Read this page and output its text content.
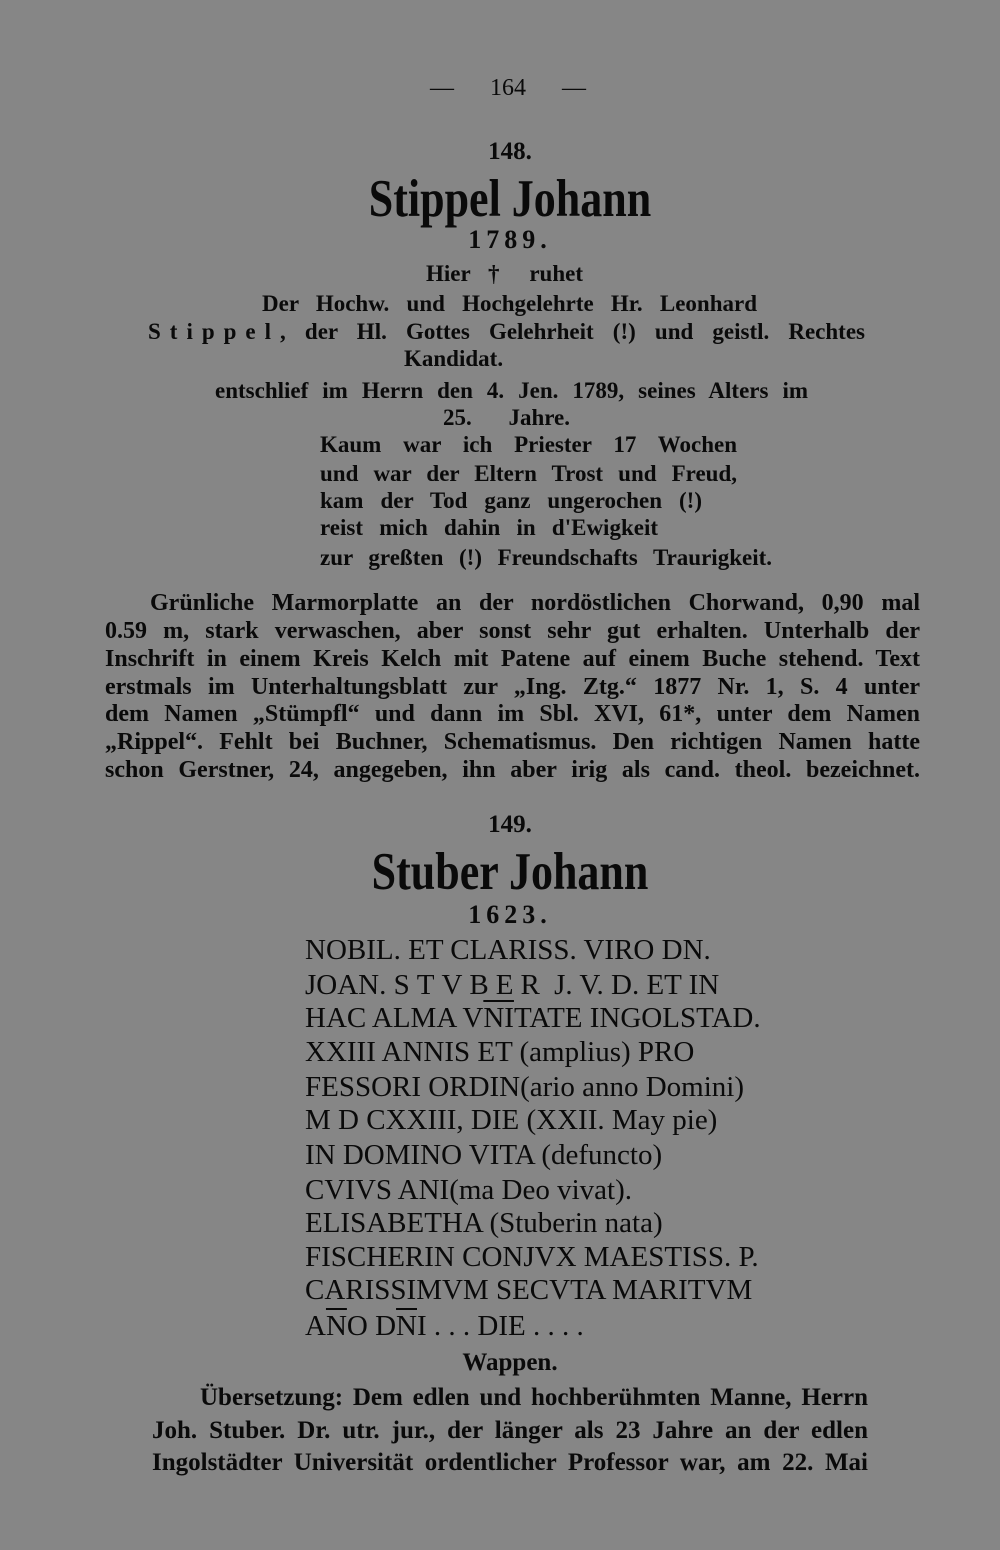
— 164 —
148.
Stippel Johann
1789.
Hier † ruhet
Der Hochw. und Hochgelehrte Hr. Leonhard
Stippel, der Hl. Gottes Gelehrheit (!) und geistl. Rechtes
Kandidat.
entschlief im Herrn den 4. Jen. 1789, seines Alters im
25. Jahre.
Kaum war ich Priester 17 Wochen
und war der Eltern Trost und Freud,
kam der Tod ganz ungerochen (!)
reist mich dahin in d'Ewigkeit
zur greßten (!) Freundschafts Traurigkeit.
Grünliche Marmorplatte an der nordöstlichen Chorwand, 0,90 mal
0.59 m, stark verwaschen, aber sonst sehr gut erhalten. Unterhalb der
Inschrift in einem Kreis Kelch mit Patene auf einem Buche stehend. Text
erstmals im Unterhaltungsblatt zur „Ing. Ztg.“ 1877 Nr. 1, S. 4 unter
dem Namen „Stümpfl“ und dann im Sbl. XVI, 61*, unter dem Namen
„Rippel“. Fehlt bei Buchner, Schematismus. Den richtigen Namen hatte
schon Gerstner, 24, angegeben, ihn aber irig als cand. theol. bezeichnet.
149.
Stuber Johann
1623.
NOBIL. ET CLARISS. VIRO DN.
JOAN. STVBER J. V. D. ET IN
HAC ALMA $V\overline{NI}TATE$ INGOLSTAD.
XXIII ANNIS ET (amplius) PRO
FESSORI ORDIN(ario anno Domini)
M D CXXIII, DIE (XXII. May pie)
IN DOMINO VITA (defuncto)
CVIVS ANI(ma Deo vivat).
ELISABETHA (Stuberin nata)
FISCHERIN CONJVX MAESTISS. P.
CARISSIMVM SECVTA MARITVM
$A\overline{N}O$ $D\overline{N}I$ . . . DIE . . . .
Wappen.
Übersetzung: Dem edlen und hochberühmten Manne, Herrn
Joh. Stuber. Dr. utr. jur., der länger als 23 Jahre an der edlen
Ingolstädter Universität ordentlicher Professor war, am 22. Mai
